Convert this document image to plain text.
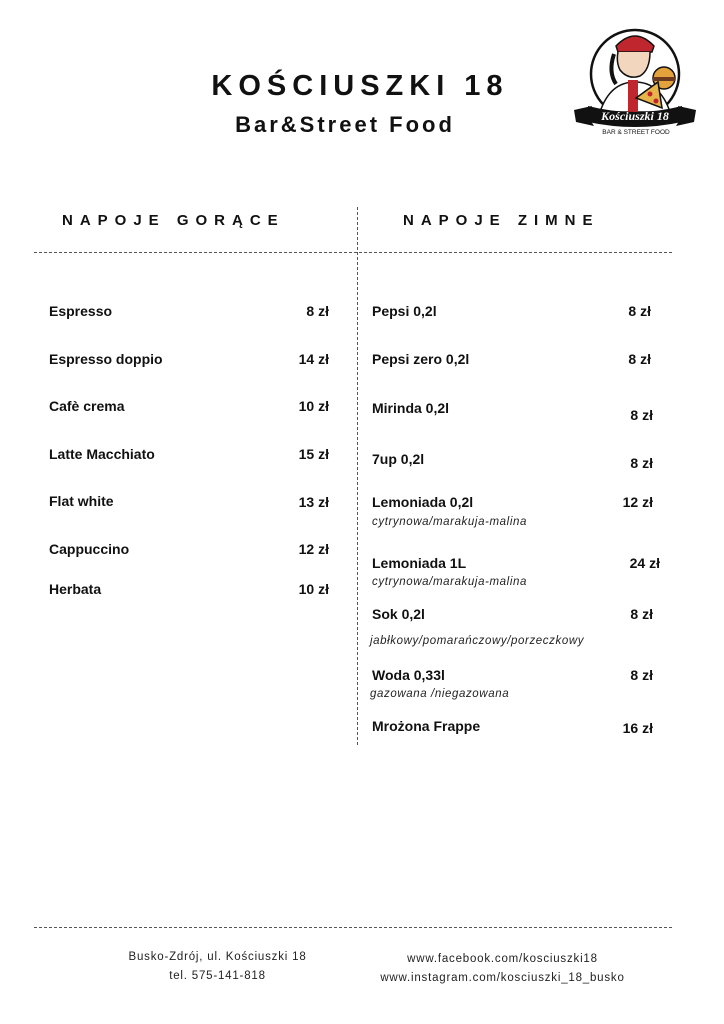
KOŚCIUSZKI 18
Bar&Street Food	Kościuszki 18
BAR & STREET FOOD
NAPOJE GORĄCE	NAPOJE ZIMNE
Espresso	8 zł
Espresso doppio	14 zł
Cafè crema	10 zł
Latte Macchiato	15 zł
Flat white	13 zł
Cappuccino	12 zł
Herbata	10 zł
Pepsi 0,2l	8 zł
Pepsi zero 0,2l	8 zł
Mirinda 0,2l	8 zł
7up 0,2l	8 zł
Lemoniada 0,2l	12 zł
cytrynowa/marakuja-malina
Lemoniada 1L	24 zł
cytrynowa/marakuja-malina
Sok 0,2l	8 zł
jabłkowy/pomarańczowy/porzeczkowy
Woda 0,33l	8 zł
gazowana /niegazowana
Mrożona Frappe	16 zł
Busko-Zdrój, ul. Kościuszki 18
tel. 575-141-818
www.facebook.com/kosciuszki18
www.instagram.com/kosciuszki_18_busko
